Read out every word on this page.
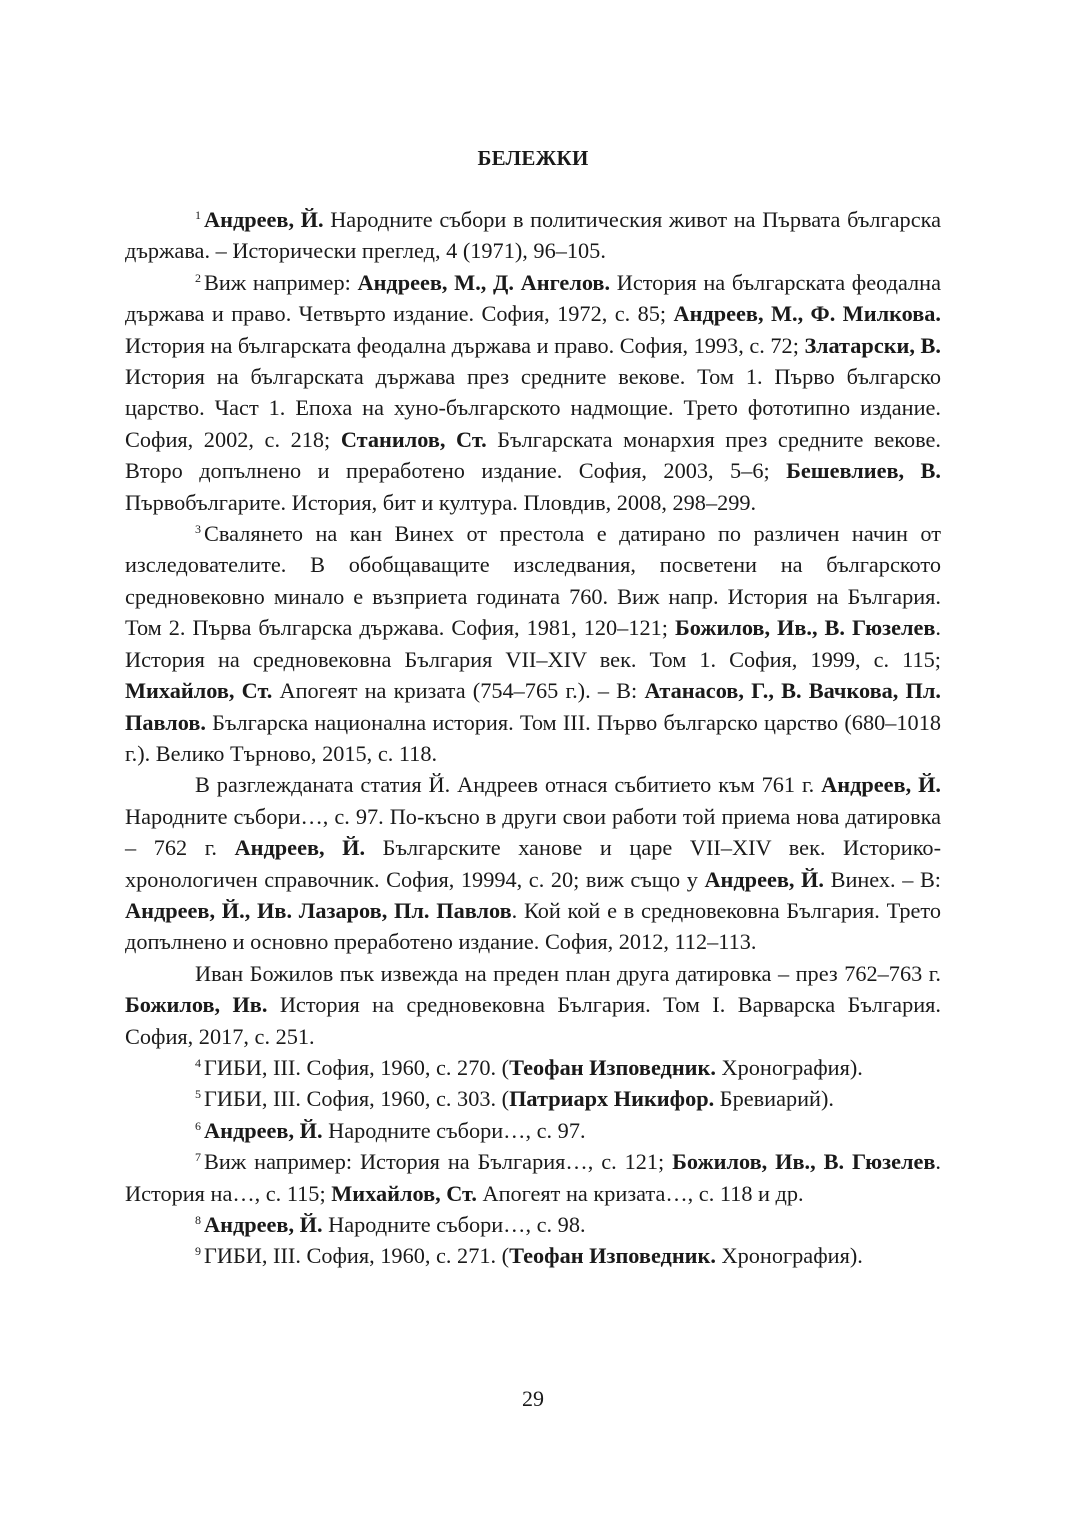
БЕЛЕЖКИ

$^1$ Андреев, Й. Народните събори в политическия живот на Първата българска държава. – Исторически преглед, 4 (1971), 96–105.

$^2$ Виж например: Андреев, М., Д. Ангелов. История на българската феодална държава и право. Четвърто издание. София, 1972, с. 85; Андреев, М., Ф. Милкова. История на българската феодална държава и право. София, 1993, с. 72; Златарски, В. История на българската държава през средните векове. Том 1. Първо българско царство. Част 1. Епоха на хуно-българското надмощие. Трето фототипно издание. София, 2002, с. 218; Станилов, Ст. Българската монархия през средните векове. Второ допълнено и преработено издание. София, 2003, 5–6; Бешевлиев, В. Първобългарите. История, бит и култура. Пловдив, 2008, 298–299.

$^3$ Свалянето на кан Винех от престола е датирано по различен начин от изследователите. В обобщаващите изследвания, посветени на българското средновековно минало е възприета годината 760. Виж напр. История на България. Том 2. Първа българска държава. София, 1981, 120–121; Божилов, Ив., В. Гюзелев. История на средновековна България VII–XIV век. Том 1. София, 1999, с. 115; Михайлов, Ст. Апогеят на кризата (754–765 г.). – В: Атанасов, Г., В. Вачкова, Пл. Павлов. Българска национална история. Том III. Първо българско царство (680–1018 г.). Велико Търново, 2015, с. 118.

В разглежданата статия Й. Андреев отнася събитието към 761 г. Андреев, Й. Народните събори…, с. 97. По-късно в други свои работи той приема нова датировка – 762 г. Андреев, Й. Българските ханове и царе VII–XIV век. Историко-хронологичен справочник. София, 19994, с. 20; виж също у Андреев, Й. Винех. – В: Андреев, Й., Ив. Лазаров, Пл. Павлов. Кой кой е в средновековна България. Трето допълнено и основно преработено издание. София, 2012, 112–113.

Иван Божилов пък извежда на преден план друга датировка – през 762–763 г. Божилов, Ив. История на средновековна България. Том I. Варварска България. София, 2017, с. 251.

$^4$ ГИБИ, III. София, 1960, с. 270. (Теофан Изповедник. Хронография).

$^5$ ГИБИ, III. София, 1960, с. 303. (Патриарх Никифор. Бревиарий).

$^6$ Андреев, Й. Народните събори…, с. 97.

$^7$ Виж например: История на България…, с. 121; Божилов, Ив., В. Гюзелев. История на…, с. 115; Михайлов, Ст. Апогеят на кризата…, с. 118 и др.

$^8$ Андреев, Й. Народните събори…, с. 98.

$^9$ ГИБИ, III. София, 1960, с. 271. (Теофан Изповедник. Хронография).

29
